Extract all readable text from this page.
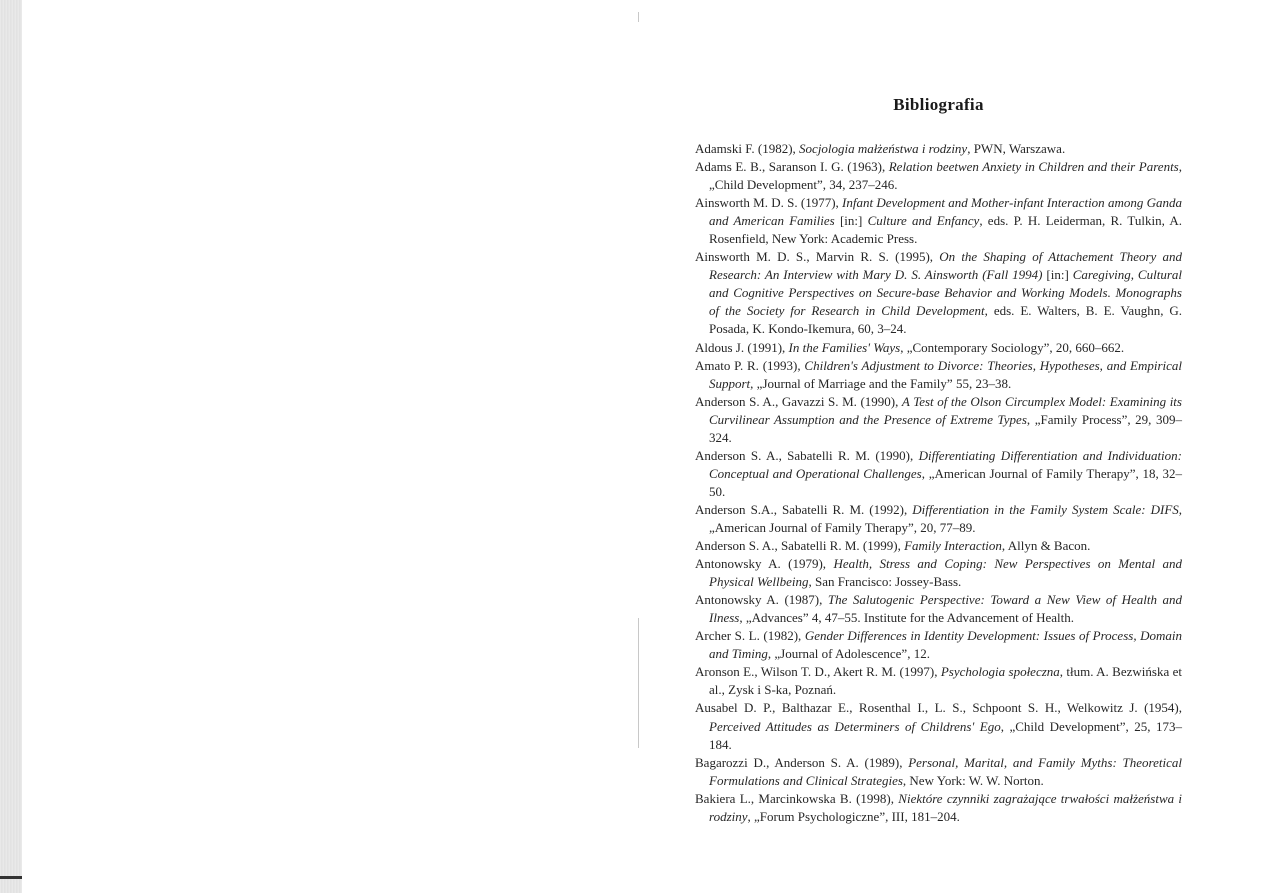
Bibliografia
Adamski F. (1982), Socjologia małżeństwa i rodziny, PWN, Warszawa.
Adams E. B., Saranson I. G. (1963), Relation beetwen Anxiety in Children and their Parents, „Child Development”, 34, 237–246.
Ainsworth M. D. S. (1977), Infant Development and Mother-infant Interaction among Ganda and American Families [in:] Culture and Enfancy, eds. P. H. Leiderman, R. Tulkin, A. Rosenfield, New York: Academic Press.
Ainsworth M. D. S., Marvin R. S. (1995), On the Shaping of Attachement Theory and Research: An Interview with Mary D. S. Ainsworth (Fall 1994) [in:] Caregiving, Cultural and Cognitive Perspectives on Secure-base Behavior and Working Models. Monographs of the Society for Research in Child Development, eds. E. Walters, B. E. Vaughn, G. Posada, K. Kondo-Ikemura, 60, 3–24.
Aldous J. (1991), In the Families' Ways, „Contemporary Sociology”, 20, 660–662.
Amato P. R. (1993), Children's Adjustment to Divorce: Theories, Hypotheses, and Empirical Support, „Journal of Marriage and the Family” 55, 23–38.
Anderson S. A., Gavazzi S. M. (1990), A Test of the Olson Circumplex Model: Examining its Curvilinear Assumption and the Presence of Extreme Types, „Family Process”, 29, 309–324.
Anderson S. A., Sabatelli R. M. (1990), Differentiating Differentiation and Individuation: Conceptual and Operational Challenges, „American Journal of Family Therapy”, 18, 32–50.
Anderson S.A., Sabatelli R. M. (1992), Differentiation in the Family System Scale: DIFS, „American Journal of Family Therapy”, 20, 77–89.
Anderson S. A., Sabatelli R. M. (1999), Family Interaction, Allyn & Bacon.
Antonowsky A. (1979), Health, Stress and Coping: New Perspectives on Mental and Physical Wellbeing, San Francisco: Jossey-Bass.
Antonowsky A. (1987), The Salutogenic Perspective: Toward a New View of Health and Ilness, „Advances” 4, 47–55. Institute for the Advancement of Health.
Archer S. L. (1982), Gender Differences in Identity Development: Issues of Process, Domain and Timing, „Journal of Adolescence”, 12.
Aronson E., Wilson T. D., Akert R. M. (1997), Psychologia społeczna, tłum. A. Bezwińska et al., Zysk i S-ka, Poznań.
Ausabel D. P., Balthazar E., Rosenthal I., L. S., Schpoont S. H., Welkowitz J. (1954), Perceived Attitudes as Determiners of Childrens' Ego, „Child Development”, 25, 173–184.
Bagarozzi D., Anderson S. A. (1989), Personal, Marital, and Family Myths: Theoretical Formulations and Clinical Strategies, New York: W. W. Norton.
Bakiera L., Marcinkowska B. (1998), Niektóre czynniki zagrażające trwałości małżeństwa i rodziny, „Forum Psychologiczne”, III, 181–204.
